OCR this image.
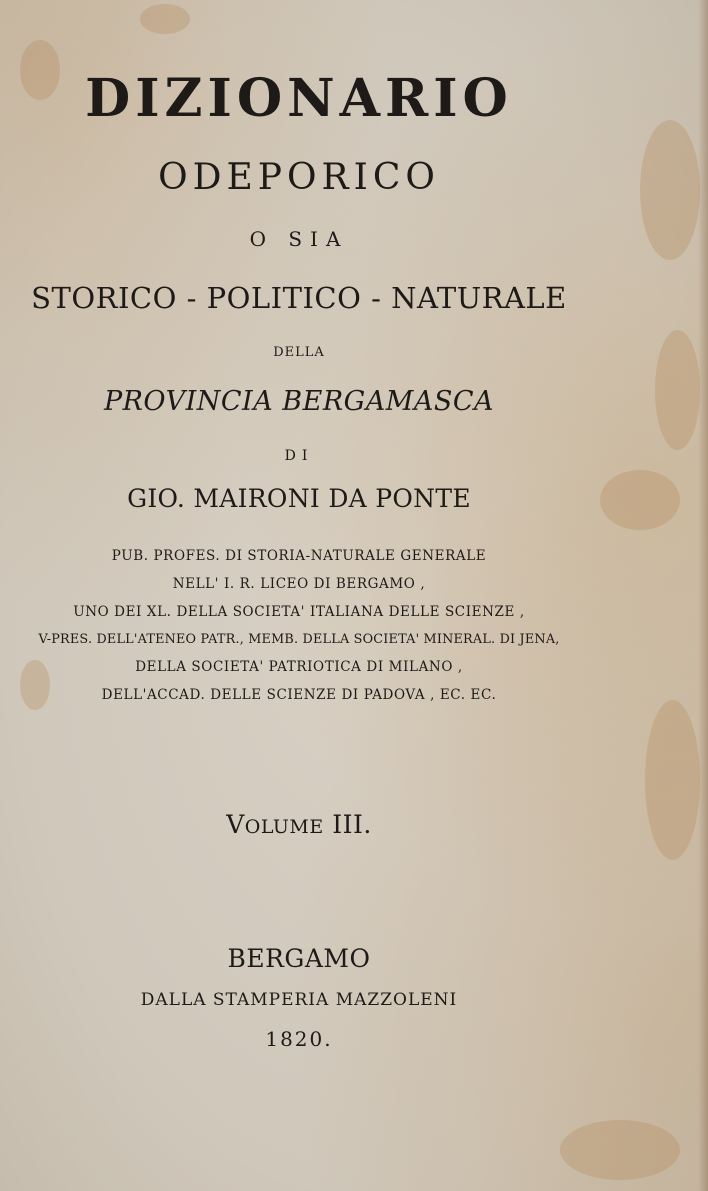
DIZIONARIO
ODEPORICO
O SIA
STORICO - POLITICO - NATURALE
DELLA
PROVINCIA BERGAMASCA
DI
GIO. MAIRONI DA PONTE
PUB. PROFES. DI STORIA-NATURALE GENERALE
NELL' I. R. LICEO DI BERGAMO ,
UNO DEI XL. DELLA SOCIETA' ITALIANA DELLE SCIENZE ,
V-PRES. DELL'ATENEO PATR., MEMB. DELLA SOCIETA' MINERAL. DI JENA,
DELLA SOCIETA' PATRIOTICA DI MILANO ,
DELL'ACCAD. DELLE SCIENZE DI PADOVA , EC. EC.
VOLUME III.
BERGAMO
DALLA STAMPERIA MAZZOLENI
1820.
